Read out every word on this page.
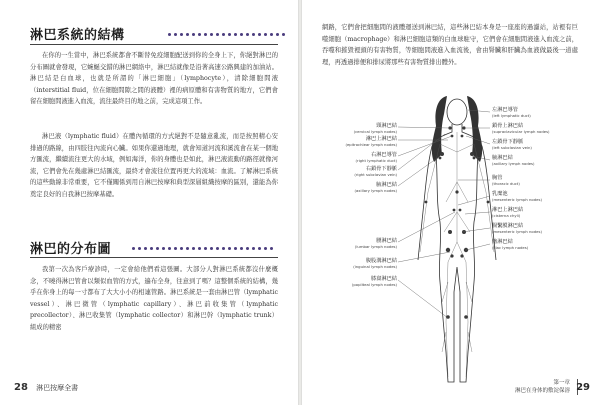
淋巴系統的結構

在你的一生當中，淋巴系統都會不斷替免疫細胞配送到你的全身上下，你絕對淋巴的分布圖就會發現，它蜿蜒交錯的淋巴網絡中，淋巴結就像是沿著高速公路興建的加油站。淋巴結是白血球，也就是所謂的「淋巴細胞」（lymphocyte），清除細胞間液（interstitial fluid，位在細胞間隙之間的液體）裡的病原體和有害物質的地方，它們會留在細胞間液進入血流，流往最終目的地之前，完成這項工作。

淋巴液（lymphatic fluid）在體內循環的方式絕對不是隨意亂流，而是按照精心安排過的路線，由四肢往內流向心臟。如果你還過地理，就會知道河流和溪流會在某一個地方匯流，繼續流往更大的水域，例如海洋，你的身體也是如此，淋巴液流動的路徑就像河流，它們會先在幾處淋巴結匯流，最終才會流往位置再更大的流域：血流。了解淋巴系統的這些動線非常重要，它不僅關係到用自淋巴按摩和典型深層組織按摩的區別，還能為你奠定良好的自我淋巴按摩基礎。

淋巴的分布圖

我第一次為客戶療診時，一定會給他們看這張圖。大部分人對淋巴系統都沒什麼概念，不曉得淋巴管會以類似血管的方式，遍布全身，往意到了嗎？這整個系統的結構，幾乎在你身上的每一寸都布了大大小小的相連管路。淋巴系統是一套由淋巴管（lymphatic vessel）、淋巴微管（lymphatic capillary）、淋巴前收集管（lymphatic precollector）、淋巴收集管（lymphatic collector）和淋巴幹（lymphatic trunk）組成的精密

28 淋巴按摩全書

網路，它們會把細胞間的液體運送到淋巴結，這些淋巴結本身是一座座的過濾站，站裡有巨噬細胞（macrophage）和淋巴細胞這類的白血球駐守，它們會在細胞間液進入血流之前，吞噬和摧毀裡頭的有害物質，等細胞間液進入血流後，會由腎臟和肝臟為血液做最後一道處理，再透過排便和排尿將那些有害物質排出體外。

第一章
淋巴在身体的敷淀保溶 29
頸淋巴結
(cervical lymph nodes)
淋巴上淋巴結
(epitrochlear lymph nodes)
右淋巴導管
(right lymphatic duct)
右鎖骨下靜脈
(right subclavian vein)
腋淋巴結
(axillary lymph nodes)
腰淋巴結
(lumbar lymph nodes)
腹股溝淋巴結
(inguinal lymph nodes)
膝窩淋巴結
(popliteal lymph nodes)
左淋巴導管
(left lymphatic duct)
鎖骨上淋巴結
(supraclavicular lymph nodes)
左鎖骨下靜脈
(left subclavian vein)
腋淋巴結
(axillary lymph nodes)
胸管
(thoracic duct)
乳糜池
(mesenteric lymph nodes)
淋巴上淋巴結
(cisterna chyli)
腸繫膜淋巴結
(mesenteric lymph nodes)
髂淋巴結
(iliac lymph nodes)
